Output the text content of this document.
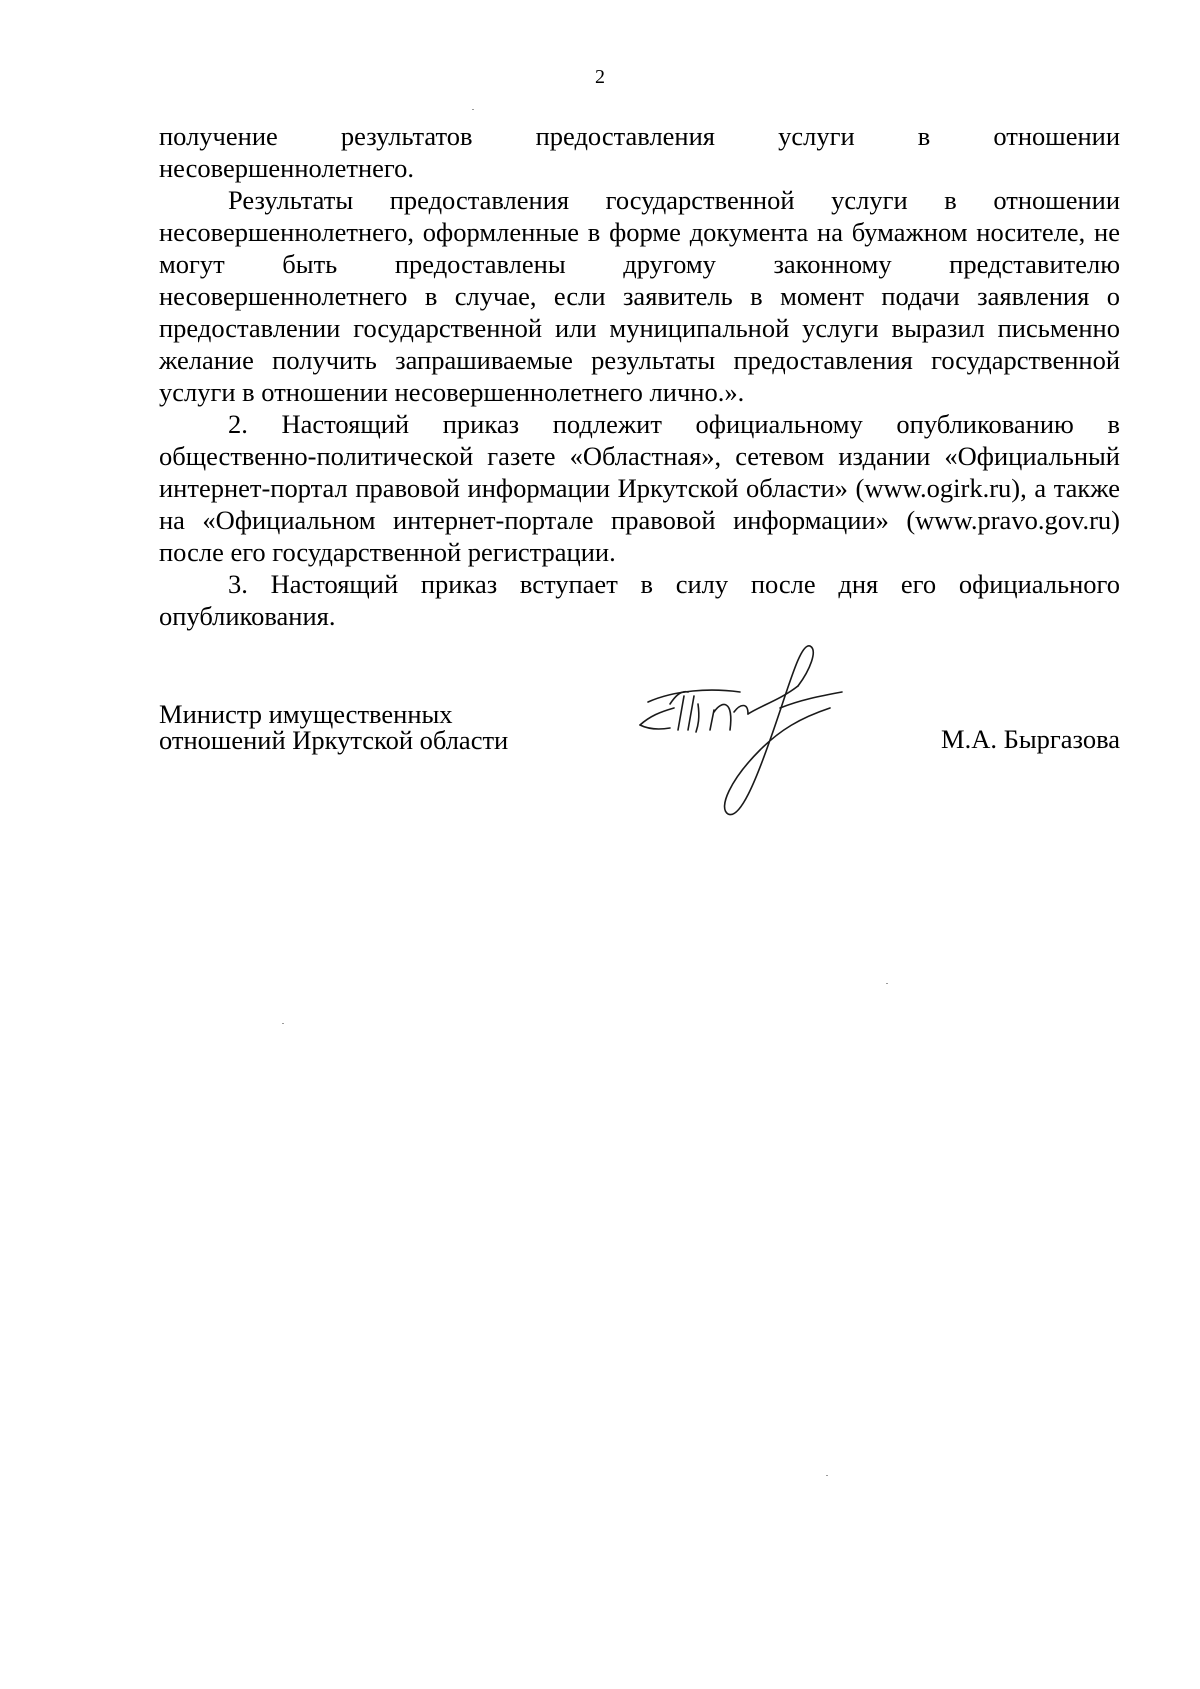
2

получение результатов предоставления услуги в отношении

несовершеннолетнего.

Результаты предоставления государственной услуги в отношении несовершеннолетнего, оформленные в форме документа на бумажном носителе, не могут быть предоставлены другому законному представителю несовершеннолетнего в случае, если заявитель в момент подачи заявления о предоставлении государственной или муниципальной услуги выразил письменно желание получить запрашиваемые результаты предоставления государственной услуги в отношении несовершеннолетнего лично.».

2. Настоящий приказ подлежит официальному опубликованию в общественно-политической газете «Областная», сетевом издании «Официальный интернет-портал правовой информации Иркутской области» (www.ogirk.ru), а также на «Официальном интернет-портале правовой информации» (www.pravo.gov.ru) после его государственной регистрации.

3. Настоящий приказ вступает в силу после дня его официального опубликования.

Министр имущественных
отношений Иркутской области	М.А. Быргазова
